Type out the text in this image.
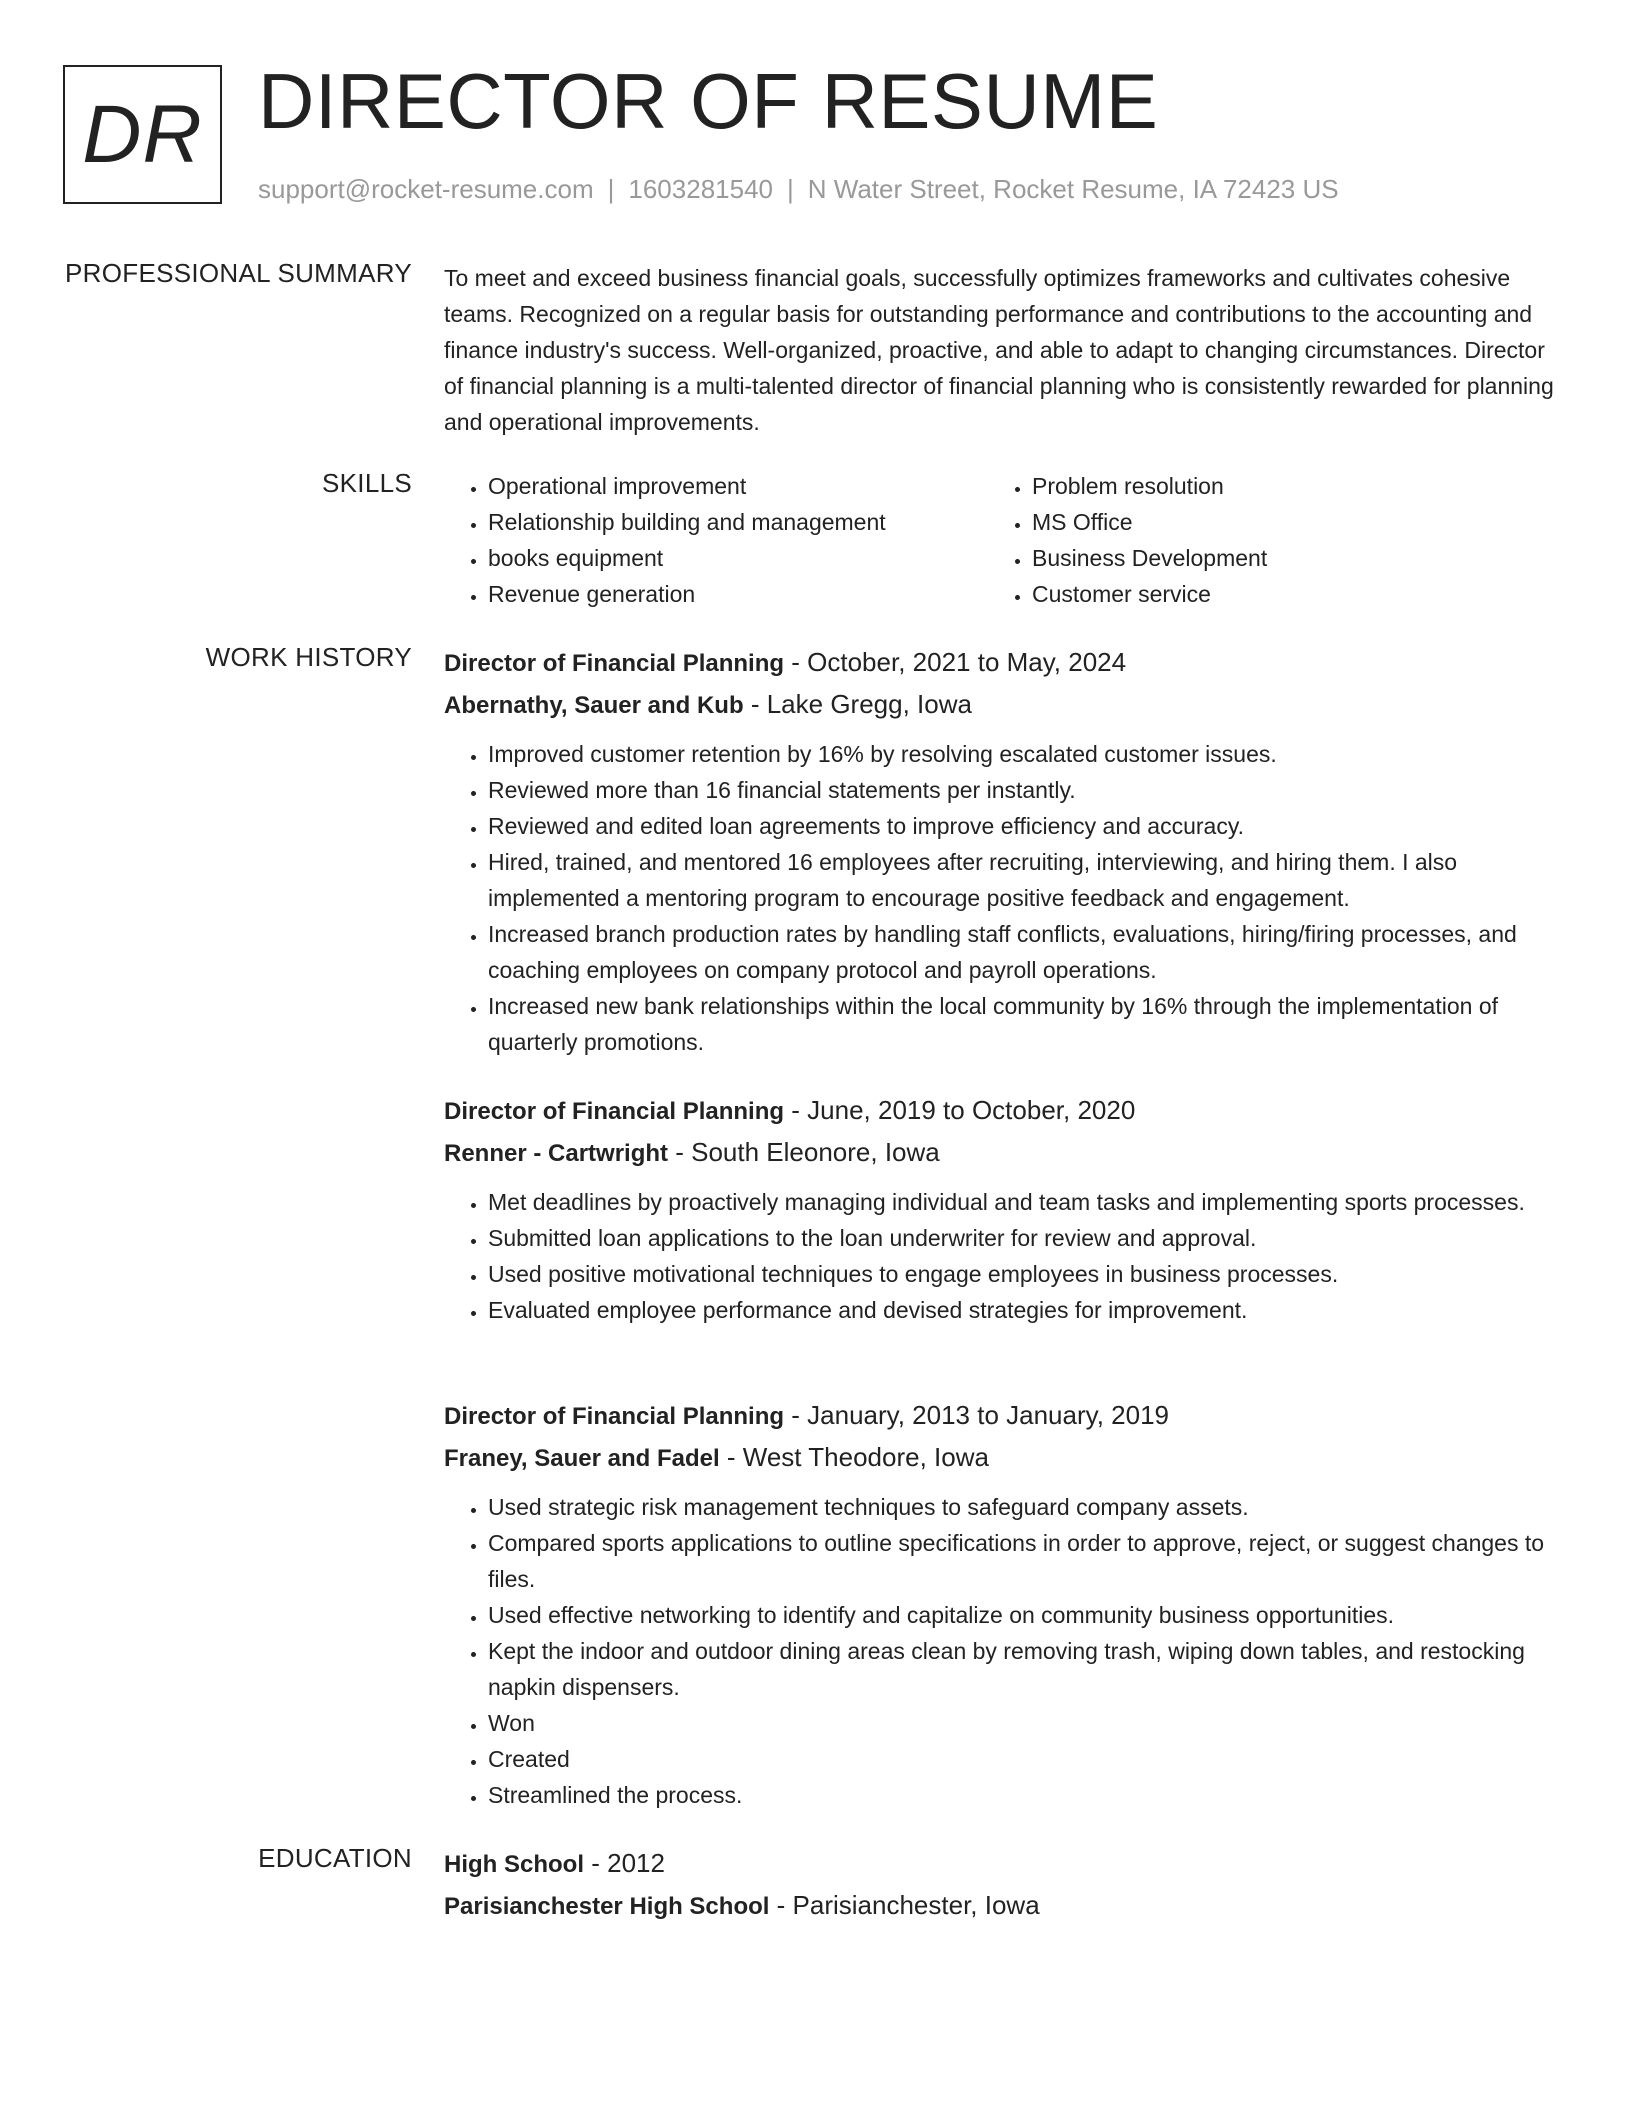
DR DIRECTOR OF RESUME
support@rocket-resume.com | 1603281540 | N Water Street, Rocket Resume, IA 72423 US
PROFESSIONAL SUMMARY To meet and exceed business financial goals, successfully optimizes frameworks and cultivates cohesive teams. Recognized on a regular basis for outstanding performance and contributions to the accounting and finance industry's success. Well-organized, proactive, and able to adapt to changing circumstances. Director of financial planning is a multi-talented director of financial planning who is consistently rewarded for planning and operational improvements.
SKILLS
•	Operational improvement
• Relationship building and management
• books equipment
• Revenue generation
• Problem resolution
• MS Office
• Business Development
• Customer service
WORK HISTORY Director of Financial Planning - October, 2021 to May, 2024
Abernathy, Sauer and Kub - Lake Gregg, Iowa
• Improved customer retention by 16% by resolving escalated customer issues.
• Reviewed more than 16 financial statements per instantly.
• Reviewed and edited loan agreements to improve efficiency and accuracy.
• Hired, trained, and mentored 16 employees after recruiting, interviewing, and hiring them. I also implemented a mentoring program to encourage positive feedback and engagement.
• Increased branch production rates by handling staff conflicts, evaluations, hiring/firing processes, and coaching employees on company protocol and payroll operations.
• Increased new bank relationships within the local community by 16% through the implementation of quarterly promotions.
Director of Financial Planning - June, 2019 to October, 2020
Renner - Cartwright - South Eleonore, Iowa
• Met deadlines by proactively managing individual and team tasks and implementing sports processes.
• Submitted loan applications to the loan underwriter for review and approval.
• Used positive motivational techniques to engage employees in business processes.
• Evaluated employee performance and devised strategies for improvement.
Director of Financial Planning - January, 2013 to January, 2019
Franey, Sauer and Fadel - West Theodore, Iowa
• Used strategic risk management techniques to safeguard company assets.
• Compared sports applications to outline specifications in order to approve, reject, or suggest changes to files.
• Used effective networking to identify and capitalize on community business opportunities.
• Kept the indoor and outdoor dining areas clean by removing trash, wiping down tables, and restocking napkin dispensers.
• Won
• Created
• Streamlined the process.
EDUCATION High School - 2012
Parisianchester High School - Parisianchester, Iowa
